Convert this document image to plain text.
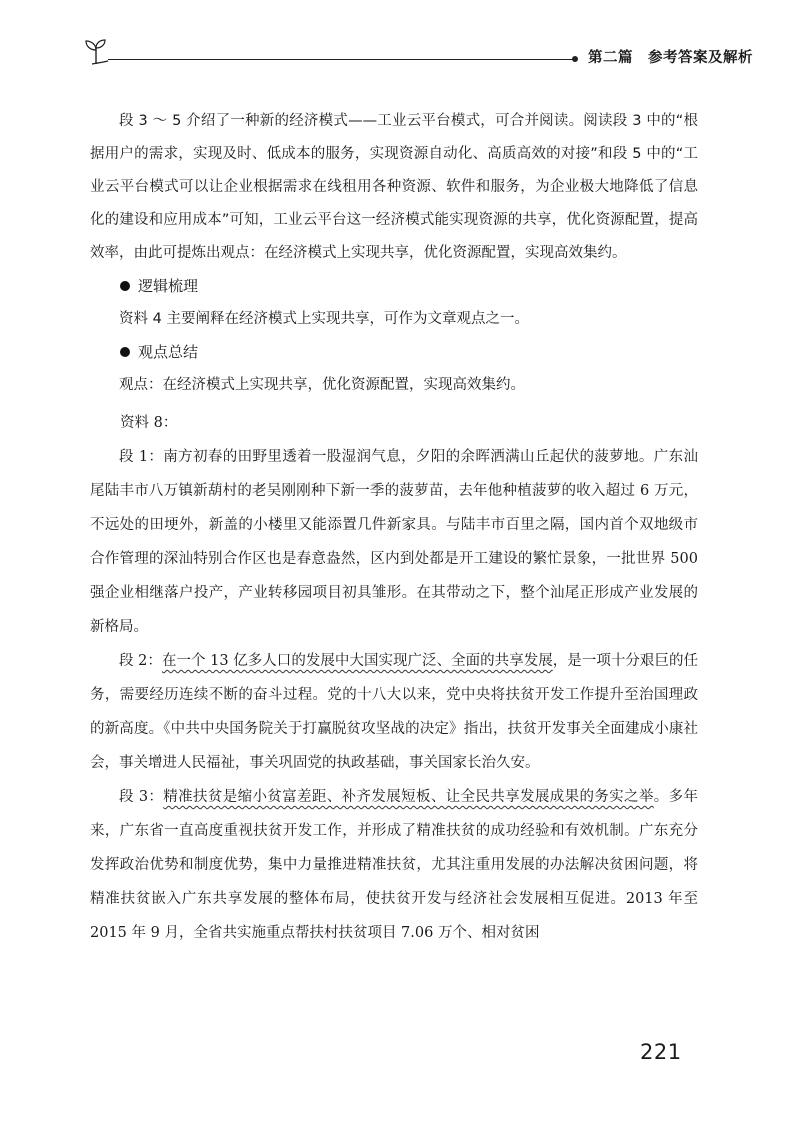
第二篇　参考答案及解析

段 3 ～ 5 介绍了一种新的经济模式——工业云平台模式，可合并阅读。阅读段 3 中的“根据用户的需求，实现及时、低成本的服务，实现资源自动化、高质高效的对接”和段 5 中的“工业云平台模式可以让企业根据需求在线租用各种资源、软件和服务，为企业极大地降低了信息化的建设和应用成本”可知，工业云平台这一经济模式能实现资源的共享，优化资源配置，提高效率，由此可提炼出观点：在经济模式上实现共享，优化资源配置，实现高效集约。

逻辑梳理

资料 4 主要阐释在经济模式上实现共享，可作为文章观点之一。

观点总结

观点：在经济模式上实现共享，优化资源配置，实现高效集约。

资料 8：

段 1：南方初春的田野里透着一股湿润气息，夕阳的余晖洒满山丘起伏的菠萝地。广东汕尾陆丰市八万镇新葫村的老吴刚刚种下新一季的菠萝苗，去年他种植菠萝的收入超过 6 万元，不远处的田埂外，新盖的小楼里又能添置几件新家具。与陆丰市百里之隔，国内首个双地级市合作管理的深汕特别合作区也是春意盎然，区内到处都是开工建设的繁忙景象，一批世界 500 强企业相继落户投产，产业转移园项目初具雏形。在其带动之下，整个汕尾正形成产业发展的新格局。

段 2：在一个 13 亿多人口的发展中大国实现广泛、全面的共享发展，是一项十分艰巨的任务，需要经历连续不断的奋斗过程。党的十八大以来，党中央将扶贫开发工作提升至治国理政的新高度。《中共中央国务院关于打赢脱贫攻坚战的决定》指出，扶贫开发事关全面建成小康社会，事关增进人民福祉，事关巩固党的执政基础，事关国家长治久安。

段 3：精准扶贫是缩小贫富差距、补齐发展短板、让全民共享发展成果的务实之举。多年来，广东省一直高度重视扶贫开发工作，并形成了精准扶贫的成功经验和有效机制。广东充分发挥政治优势和制度优势，集中力量推进精准扶贫，尤其注重用发展的办法解决贫困问题，将精准扶贫嵌入广东共享发展的整体布局，使扶贫开发与经济社会发展相互促进。2013 年至 2015 年 9 月，全省共实施重点帮扶村扶贫项目 7.06 万个、相对贫困

221
